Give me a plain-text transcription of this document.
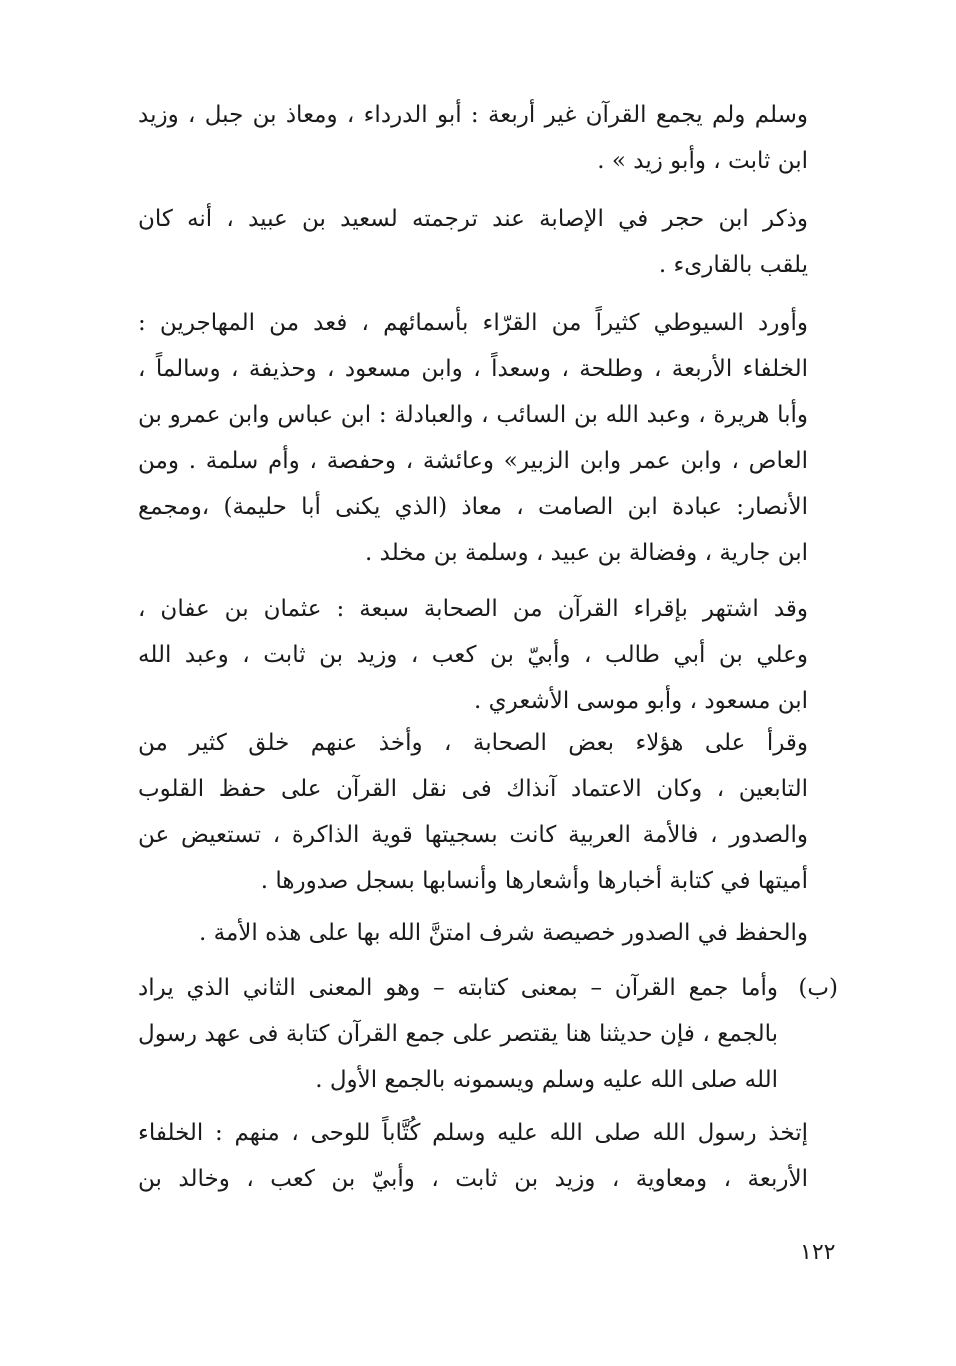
وسلم ولم يجمع القرآن غير أربعة : أبو الدرداء ، ومعاذ بن جبل ، وزيد
ابن ثابت ، وأبو زيد » .
وذكر ابن حجر في الإصابة عند ترجمته لسعيد بن عبيد ، أنه كان
يلقب بالقارىء .
وأورد السيوطي كثيراً من القرّاء بأسمائهم ، فعد من المهاجرين :
الخلفاء الأربعة ، وطلحة ، وسعداً ، وابن مسعود ، وحذيفة ، وسالماً ،
وأبا هريرة ، وعبد الله بن السائب ، والعبادلة : ابن عباس وابن عمرو بن
العاص ، وابن عمر وابن الزبير» وعائشة ، وحفصة ، وأم سلمة . ومن
الأنصار: عبادة ابن الصامت ، معاذ (الذي يكنى أبا حليمة) ،ومجمع
ابن جارية ، وفضالة بن عبيد ، وسلمة بن مخلد .
وقد اشتهر بإقراء القرآن من الصحابة سبعة : عثمان بن عفان ،
وعلي بن أبي طالب ، وأبيّ بن كعب ، وزيد بن ثابت ، وعبد الله
ابن مسعود ، وأبو موسى الأشعري .
وقرأ على هؤلاء بعض الصحابة ، وأخذ عنهم خلق كثير من
التابعين ، وكان الاعتماد آنذاك فى نقل القرآن على حفظ القلوب
والصدور ، فالأمة العربية كانت بسجيتها قوية الذاكرة ، تستعيض عن
أميتها في كتابة أخبارها وأشعارها وأنسابها بسجل صدورها .
والحفظ في الصدور خصيصة شرف امتنَّ الله بها على هذه الأمة .
(ب)
وأما جمع القرآن – بمعنى كتابته – وهو المعنى الثاني الذي يراد
بالجمع ، فإن حديثنا هنا يقتصر على جمع القرآن كتابة فى عهد رسول
الله صلى الله عليه وسلم ويسمونه بالجمع الأول .
إتخذ رسول الله صلى الله عليه وسلم كُتَّاباً للوحى ، منهم : الخلفاء
الأربعة ، ومعاوية ، وزيد بن ثابت ، وأبيّ بن كعب ، وخالد بن
١٢٢
